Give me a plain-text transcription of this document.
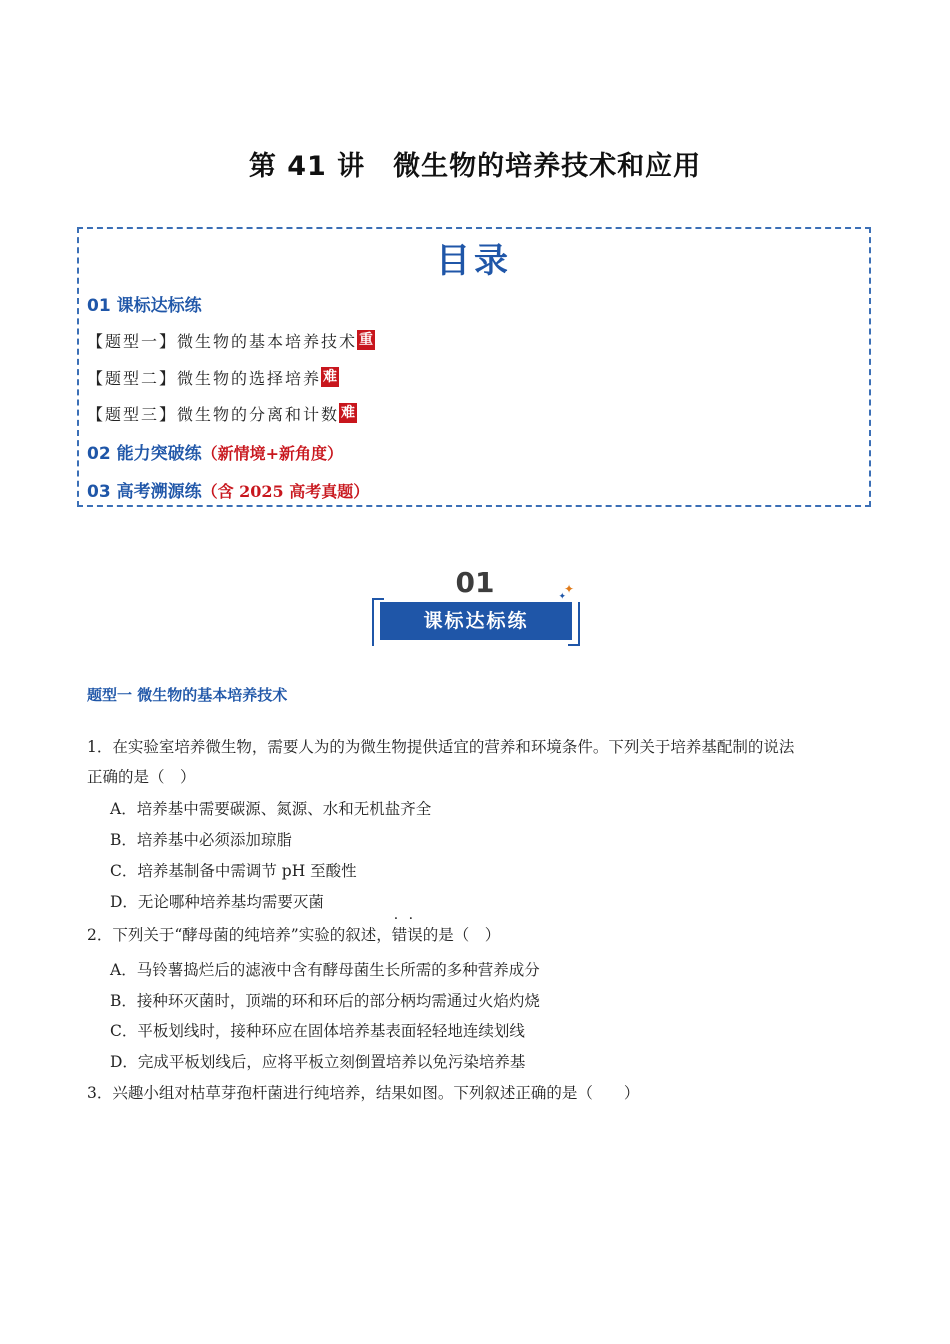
第 41 讲　微生物的培养技术和应用
目录
01 课标达标练
【题型一】微生物的基本培养技术 重
【题型二】微生物的选择培养 难
【题型三】微生物的分离和计数 难
02 能力突破练（新情境+新角度）
03 高考溯源练（含 2025 高考真题）
01	✦
✦
课标达标练
题型一 微生物的基本培养技术
1．在实验室培养微生物，需要人为的为微生物提供适宜的营养和环境条件。下列关于培养基配制的说法
正确的是（　）
A．培养基中需要碳源、氮源、水和无机盐齐全
B．培养基中必须添加琼脂
C．培养基制备中需调节 pH 至酸性
D．无论哪种培养基均需要灭菌
2．下列关于“酵母菌的纯培养”实验的叙述，· · 错误的是（　）
A．马铃薯捣烂后的滤液中含有酵母菌生长所需的多种营养成分
B．接种环灭菌时，顶端的环和环后的部分柄均需通过火焰灼烧
C．平板划线时，接种环应在固体培养基表面轻轻地连续划线
D．完成平板划线后，应将平板立刻倒置培养以免污染培养基
3．兴趣小组对枯草芽孢杆菌进行纯培养，结果如图。下列叙述正确的是（　　）
